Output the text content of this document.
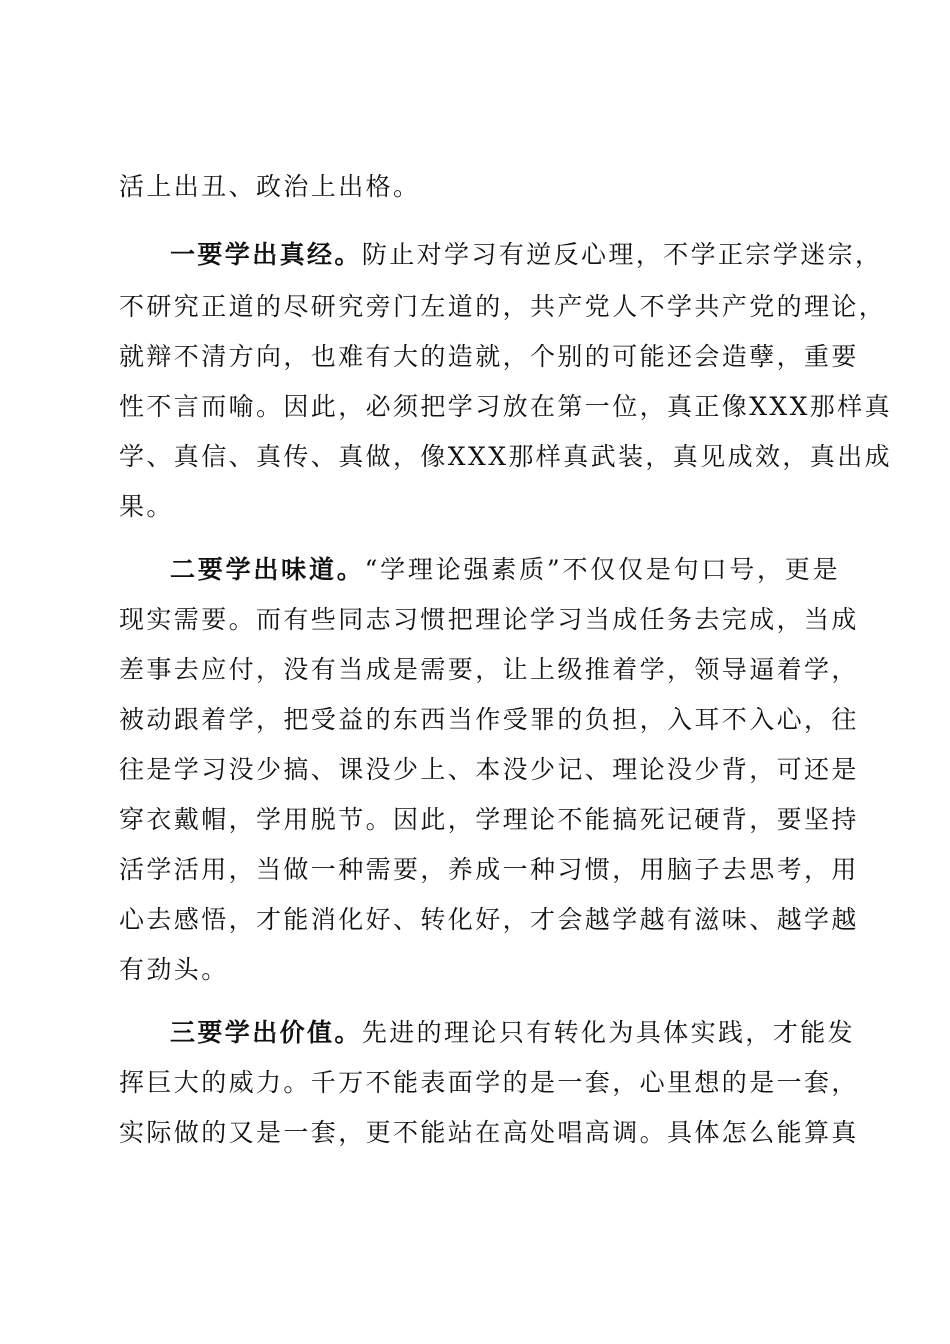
活上出丑、政治上出格。
一要学出真经。防止对学习有逆反心理，不学正宗学迷宗，
不研究正道的尽研究旁门左道的，共产党人不学共产党的理论，
就辩不清方向，也难有大的造就，个别的可能还会造孽，重要
性不言而喻。因此，必须把学习放在第一位，真正像XXX那样真
学、真信、真传、真做，像XXX那样真武装，真见成效，真出成
果。
二要学出味道。“学理论强素质”不仅仅是句口号，更是
现实需要。而有些同志习惯把理论学习当成任务去完成，当成
差事去应付，没有当成是需要，让上级推着学，领导逼着学，
被动跟着学，把受益的东西当作受罪的负担，入耳不入心，往
往是学习没少搞、课没少上、本没少记、理论没少背，可还是
穿衣戴帽，学用脱节。因此，学理论不能搞死记硬背，要坚持
活学活用，当做一种需要，养成一种习惯，用脑子去思考，用
心去感悟，才能消化好、转化好，才会越学越有滋味、越学越
有劲头。
三要学出价值。先进的理论只有转化为具体实践，才能发
挥巨大的威力。千万不能表面学的是一套，心里想的是一套，
实际做的又是一套，更不能站在高处唱高调。具体怎么能算真
